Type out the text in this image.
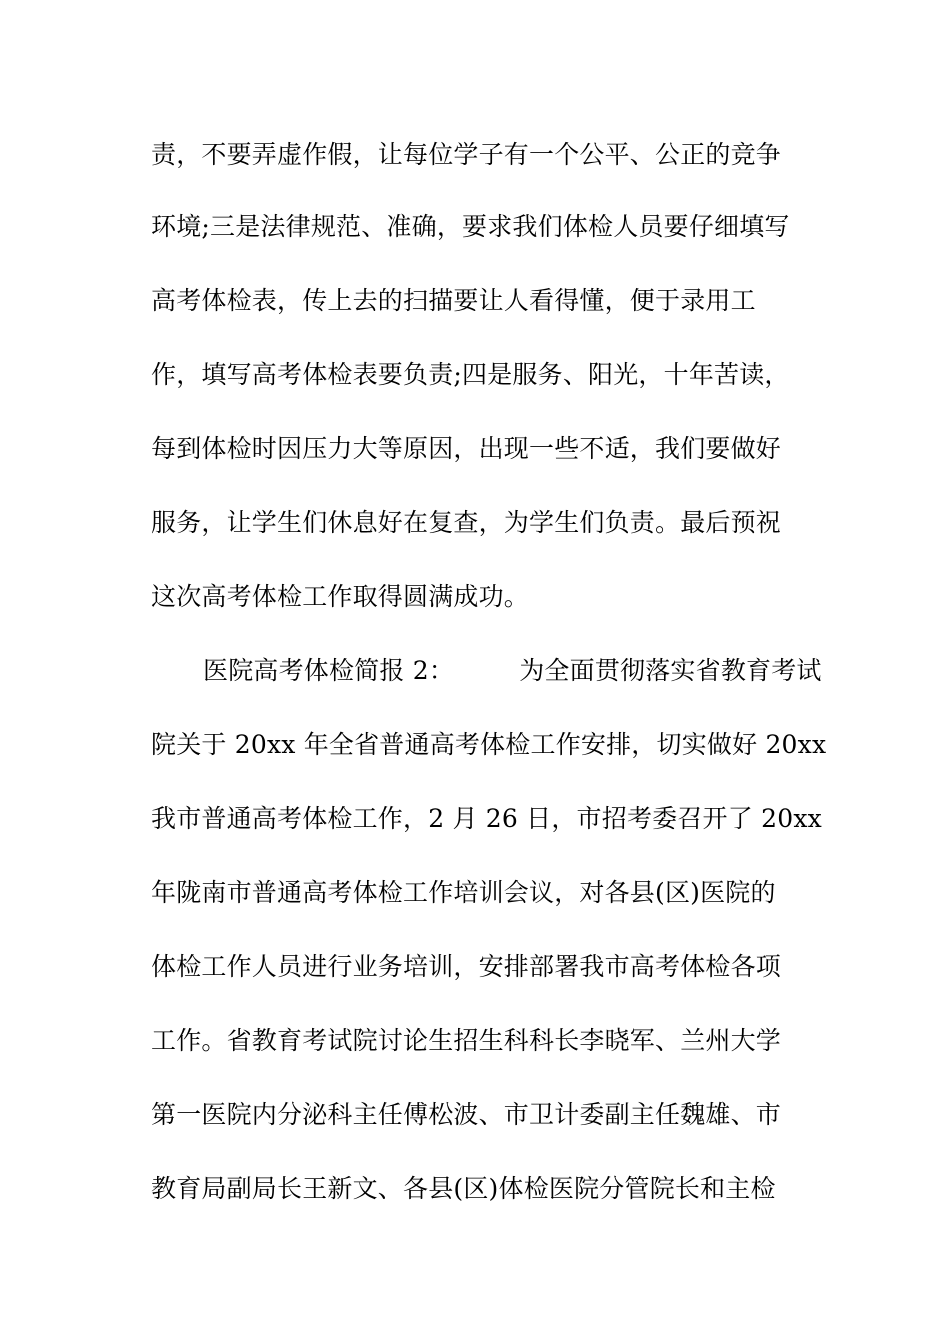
责，不要弄虚作假，让每位学子有一个公平、公正的竞争
环境;三是法律规范、准确，要求我们体检人员要仔细填写
高考体检表，传上去的扫描要让人看得懂，便于录用工
作，填写高考体检表要负责;四是服务、阳光，十年苦读，
每到体检时因压力大等原因，出现一些不适，我们要做好
服务，让学生们休息好在复查，为学生们负责。最后预祝
这次高考体检工作取得圆满成功。
医院高考体检简报 2：        为全面贯彻落实省教育考试
院关于 20xx 年全省普通高考体检工作安排，切实做好 20xx
我市普通高考体检工作，2 月 26 日，市招考委召开了 20xx
年陇南市普通高考体检工作培训会议，对各县(区)医院的
体检工作人员进行业务培训，安排部署我市高考体检各项
工作。省教育考试院讨论生招生科科长李晓军、兰州大学
第一医院内分泌科主任傅松波、市卫计委副主任魏雄、市
教育局副局长王新文、各县(区)体检医院分管院长和主检
